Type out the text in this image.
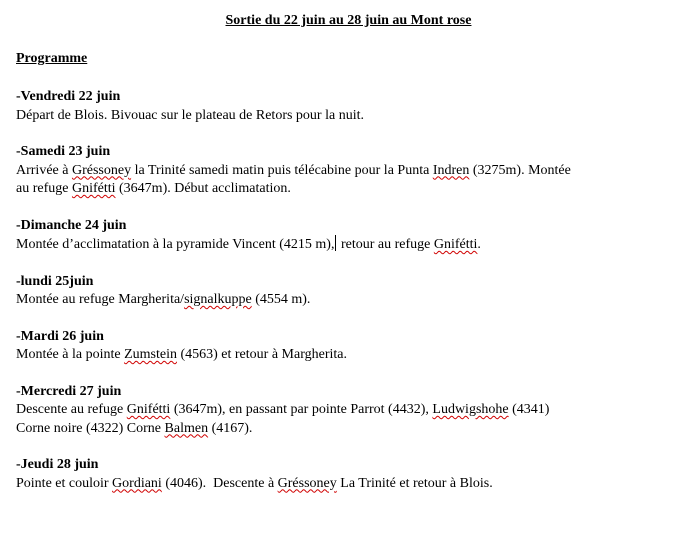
Sortie du 22 juin au 28 juin au Mont rose
Programme
-Vendredi 22 juin
Départ de Blois. Bivouac sur le plateau de Retors pour la nuit.
-Samedi 23 juin
Arrivée à Gréssoney la Trinité samedi matin puis télécabine pour la Punta Indren (3275m). Montée
au refuge Gnifétti (3647m). Début acclimatation.
-Dimanche 24 juin
Montée d’acclimatation à la pyramide Vincent (4215 m), retour au refuge Gnifétti.
-lundi 25juin
Montée au refuge Margherita/signalkuppe (4554 m).
-Mardi 26 juin
Montée à la pointe Zumstein (4563) et retour à Margherita.
-Mercredi 27 juin
Descente au refuge Gnifétti (3647m), en passant par pointe Parrot (4432), Ludwigshohe (4341)
Corne noire (4322) Corne Balmen (4167).
-Jeudi 28 juin
Pointe et couloir Gordiani (4046).  Descente à Gréssoney La Trinité et retour à Blois.
